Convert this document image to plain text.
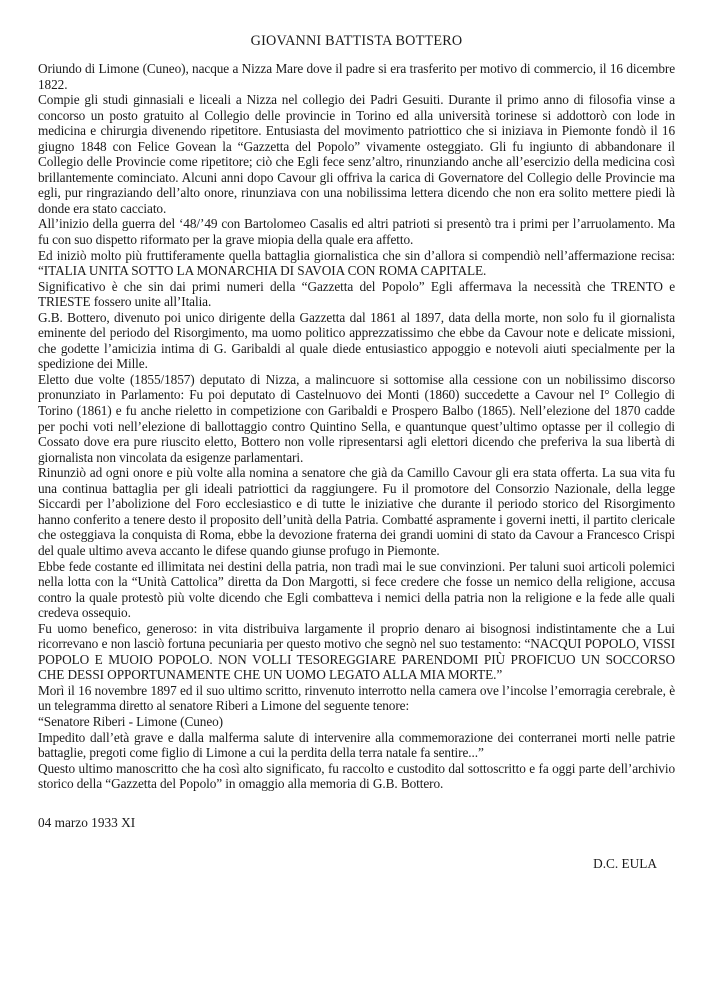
GIOVANNI BATTISTA BOTTERO

Oriundo di Limone (Cuneo), nacque a Nizza Mare dove il padre si era trasferito per motivo di commercio, il 16 dicembre 1822.

Compie gli studi ginnasiali e liceali a Nizza nel collegio dei Padri Gesuiti. Durante il primo anno di filosofia vinse a concorso un posto gratuito al Collegio delle provincie in Torino ed alla università torinese si addottorò con lode in medicina e chirurgia divenendo ripetitore. Entusiasta del movimento patriottico che si iniziava in Piemonte fondò il 16 giugno 1848 con Felice Govean la “Gazzetta del Popolo” vivamente osteggiato. Gli fu ingiunto di abbandonare il Collegio delle Provincie come ripetitore; ciò che Egli fece senz’altro, rinunziando anche all’esercizio della medicina così brillantemente cominciato. Alcuni anni dopo Cavour gli offriva la carica di Governatore del Collegio delle Provincie ma egli, pur ringraziando dell’alto onore, rinunziava con una nobilissima lettera dicendo che non era solito mettere piedi là donde era stato cacciato.

All’inizio della guerra del ‘48/’49 con Bartolomeo Casalis ed altri patrioti si presentò tra i primi per l’arruolamento. Ma fu con suo dispetto riformato per la grave miopia della quale era affetto.

Ed iniziò molto più fruttiferamente quella battaglia giornalistica che sin d’allora si compendiò nell’affermazione recisa: “ITALIA UNITA SOTTO LA MONARCHIA DI SAVOIA CON ROMA CAPITALE.

Significativo è che sin dai primi numeri della “Gazzetta del Popolo” Egli affermava la necessità che TRENTO e TRIESTE fossero unite all’Italia.

G.B. Bottero, divenuto poi unico dirigente della Gazzetta dal 1861 al 1897, data della morte, non solo fu il giornalista eminente del periodo del Risorgimento, ma uomo politico apprezzatissimo che ebbe da Cavour note e delicate missioni, che godette l’amicizia intima di G. Garibaldi al quale diede entusiastico appoggio e notevoli aiuti specialmente per la spedizione dei Mille.

Eletto due volte (1855/1857) deputato di Nizza, a malincuore si sottomise alla cessione con un nobilissimo discorso pronunziato in Parlamento: Fu poi deputato di Castelnuovo dei Monti (1860) succedette a Cavour nel I° Collegio di Torino (1861) e fu anche rieletto in competizione con Garibaldi e Prospero Balbo (1865). Nell’elezione del 1870 cadde per pochi voti nell’elezione di ballottaggio contro Quintino Sella, e quantunque quest’ultimo optasse per il collegio di Cossato dove era pure riuscito eletto, Bottero non volle ripresentarsi agli elettori dicendo che preferiva la sua libertà di giornalista non vincolata da esigenze parlamentari.

Rinunziò ad ogni onore e più volte alla nomina a senatore che già da Camillo Cavour gli era stata offerta. La sua vita fu una continua battaglia per gli ideali patriottici da raggiungere. Fu il promotore del Consorzio Nazionale, della legge Siccardi per l’abolizione del Foro ecclesiastico e di tutte le iniziative che durante il periodo storico del Risorgimento hanno conferito a tenere desto il proposito dell’unità della Patria. Combatté aspramente i governi inetti, il partito clericale che osteggiava la conquista di Roma, ebbe la devozione fraterna dei grandi uomini di stato da Cavour a Francesco Crispi del quale ultimo aveva accanto le difese quando giunse profugo in Piemonte.

Ebbe fede costante ed illimitata nei destini della patria, non tradì mai le sue convinzioni. Per taluni suoi articoli polemici nella lotta con la “Unità Cattolica” diretta da Don Margotti, si fece credere che fosse un nemico della religione, accusa contro la quale protestò più volte dicendo che Egli combatteva i nemici della patria non la religione e la fede alle quali credeva ossequio.

Fu uomo benefico, generoso: in vita distribuiva largamente il proprio denaro ai bisognosi indistintamente che a Lui ricorrevano e non lasciò fortuna pecuniaria per questo motivo che segnò nel suo testamento: “NACQUI POPOLO, VISSI POPOLO E MUOIO POPOLO. NON VOLLI TESOREGGIARE PARENDOMI PIÙ PROFICUO UN SOCCORSO CHE DESSI OPPORTUNAMENTE CHE UN UOMO LEGATO ALLA MIA MORTE.”

Morì il 16 novembre 1897 ed il suo ultimo scritto, rinvenuto interrotto nella camera ove l’incolse l’emorragia cerebrale, è un telegramma diretto al senatore Riberi a Limone del seguente tenore:

“Senatore Riberi - Limone (Cuneo)

Impedito dall’età grave e dalla malferma salute di intervenire alla commemorazione dei conterranei morti nelle patrie battaglie, pregoti come figlio di Limone a cui la perdita della terra natale fa sentire...”

Questo ultimo manoscritto che ha così alto significato, fu raccolto e custodito dal sottoscritto e fa oggi parte dell’archivio storico della “Gazzetta del Popolo” in omaggio alla memoria di G.B. Bottero.

04 marzo 1933 XI
D.C. EULA
